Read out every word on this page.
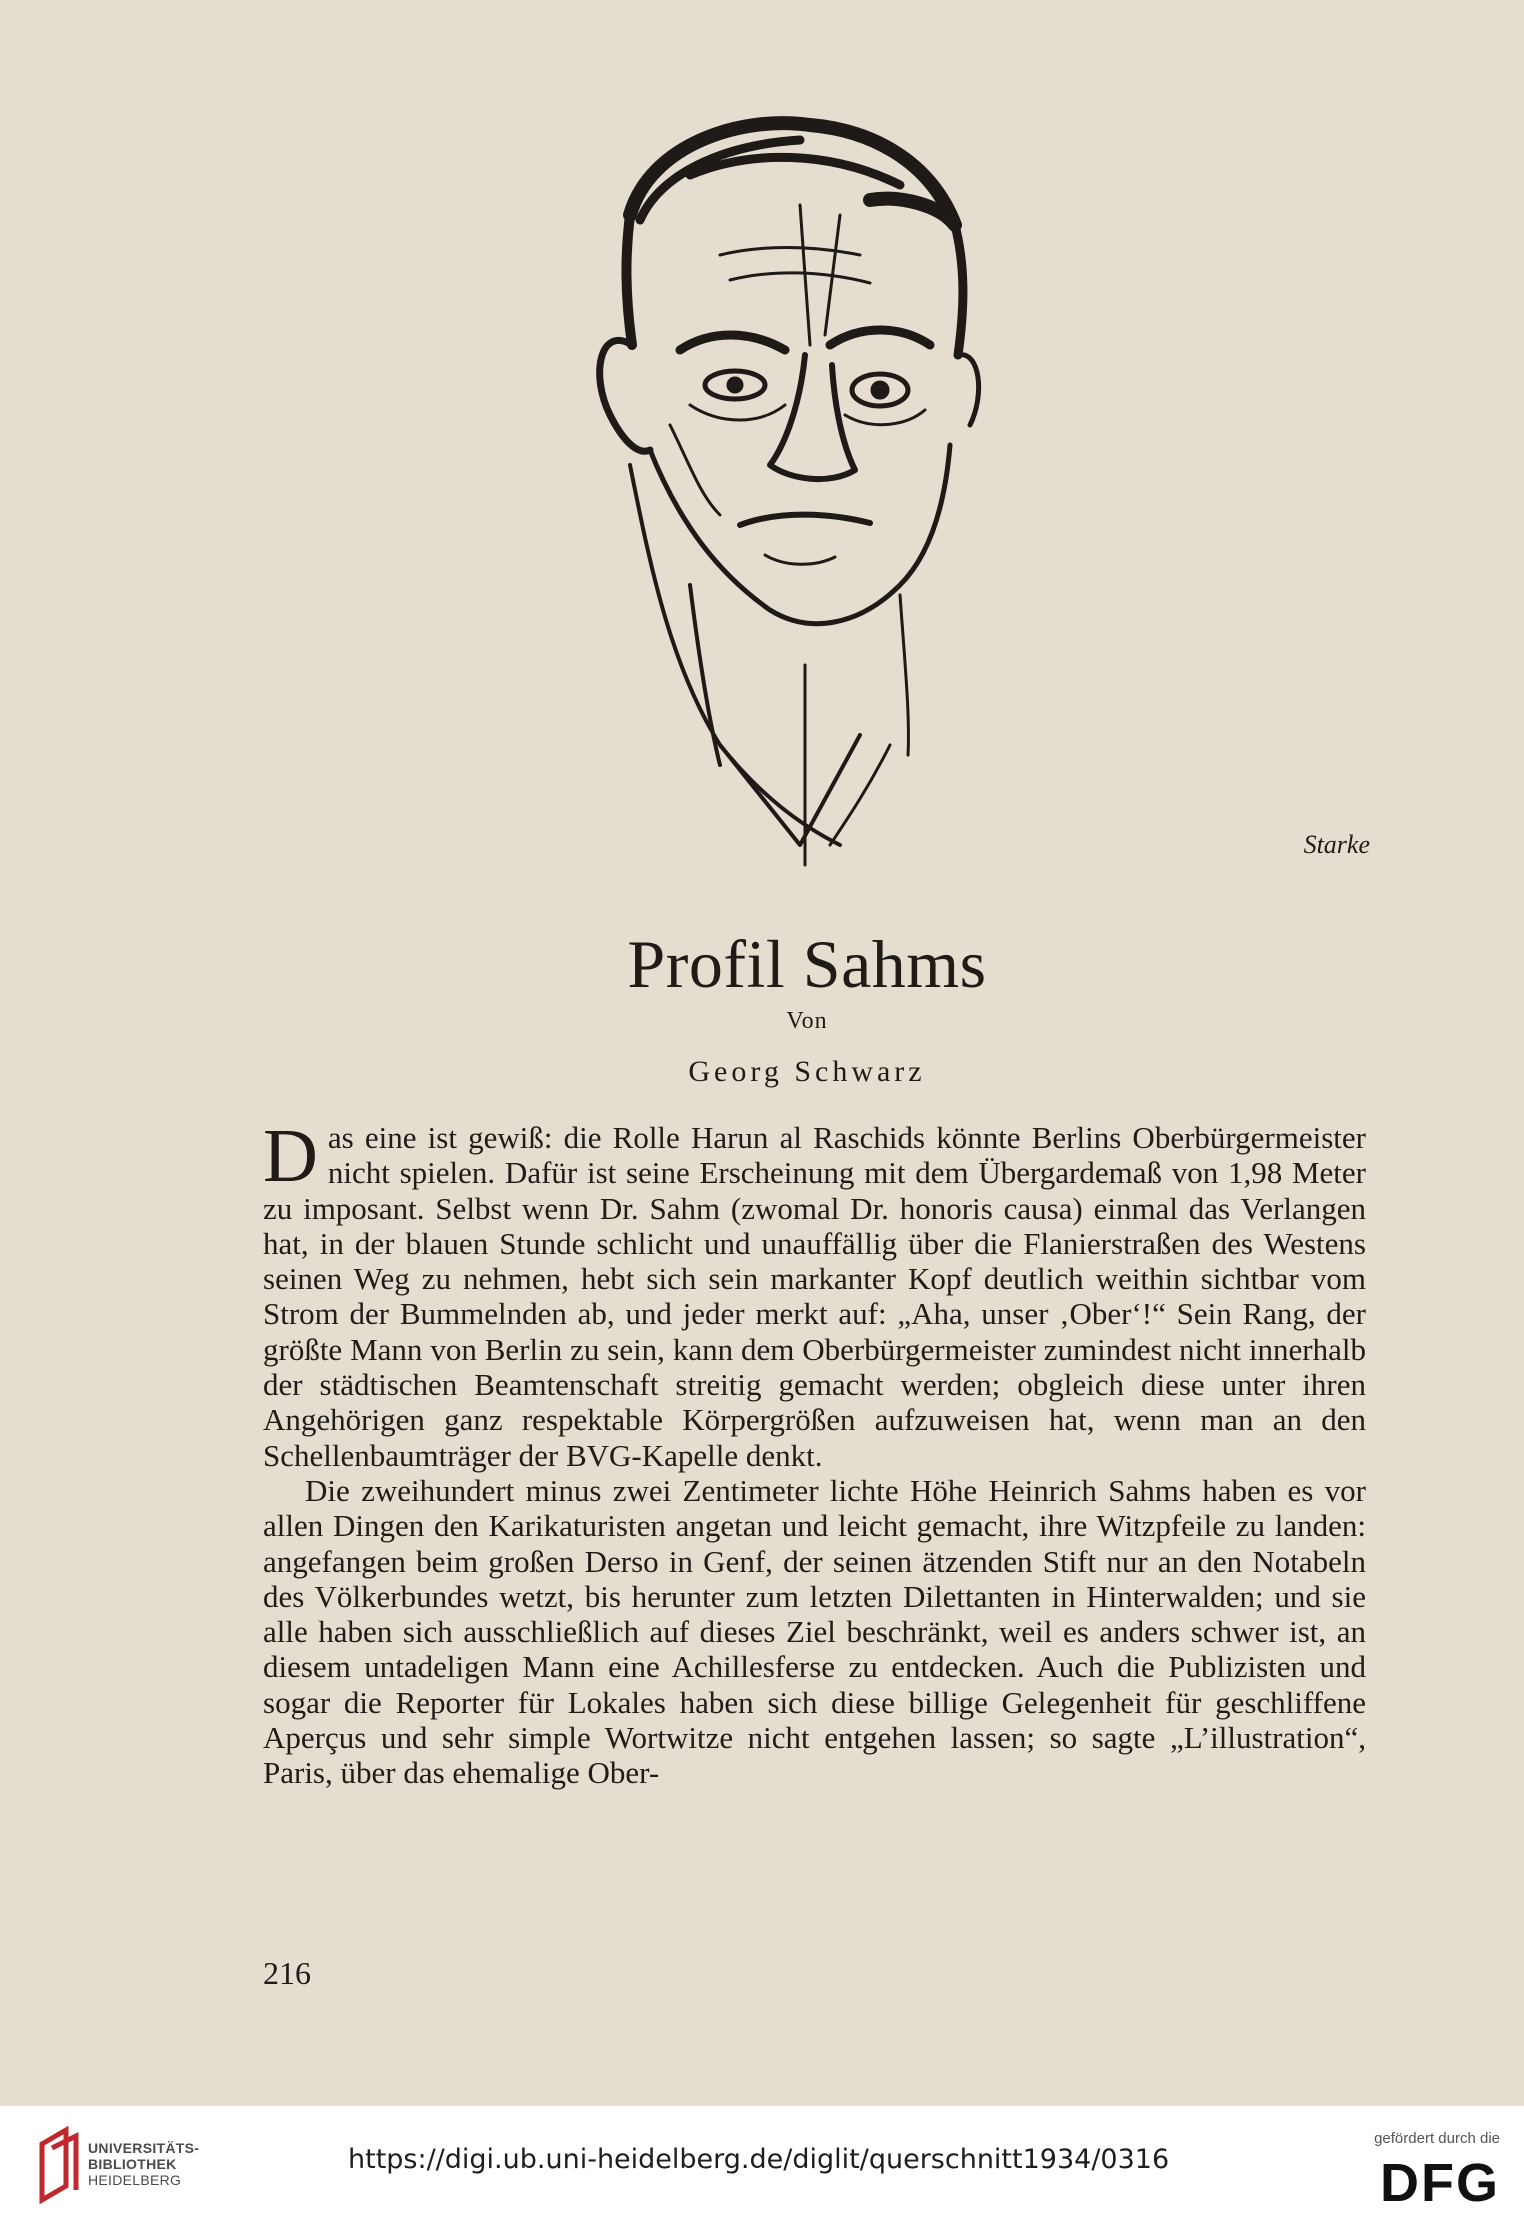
Starke
Profil Sahms
Von
Georg Schwarz

Das eine ist gewiß: die Rolle Harun al Raschids könnte Berlins Oberbürgermeister nicht spielen. Dafür ist seine Erscheinung mit dem Übergardemaß von 1,98 Meter zu imposant. Selbst wenn Dr. Sahm (zwomal Dr. honoris causa) einmal das Verlangen hat, in der blauen Stunde schlicht und unauffällig über die Flanierstraßen des Westens seinen Weg zu nehmen, hebt sich sein markanter Kopf deutlich weithin sichtbar vom Strom der Bummelnden ab, und jeder merkt auf: „Aha, unser ‚Ober‘!“ Sein Rang, der größte Mann von Berlin zu sein, kann dem Oberbürgermeister zumindest nicht innerhalb der städtischen Beamtenschaft streitig gemacht werden; obgleich diese unter ihren Angehörigen ganz respektable Körpergrößen aufzuweisen hat, wenn man an den Schellenbaumträger der BVG-Kapelle denkt.

Die zweihundert minus zwei Zentimeter lichte Höhe Heinrich Sahms haben es vor allen Dingen den Karikaturisten angetan und leicht gemacht, ihre Witzpfeile zu landen: angefangen beim großen Derso in Genf, der seinen ätzenden Stift nur an den Notabeln des Völkerbundes wetzt, bis herunter zum letzten Dilettanten in Hinterwalden; und sie alle haben sich ausschließlich auf dieses Ziel beschränkt, weil es anders schwer ist, an diesem untadeligen Mann eine Achillesferse zu entdecken. Auch die Publizisten und sogar die Reporter für Lokales haben sich diese billige Gelegenheit für geschliffene Aperçus und sehr simple Wortwitze nicht entgehen lassen; so sagte „L’illustration“, Paris, über das ehemalige Ober-

216
UNIVERSITÄTS-
BIBLIOTHEK
HEIDELBERG
https://digi.ub.uni-heidelberg.de/diglit/querschnitt1934/0316
gefördert durch die
DFG
